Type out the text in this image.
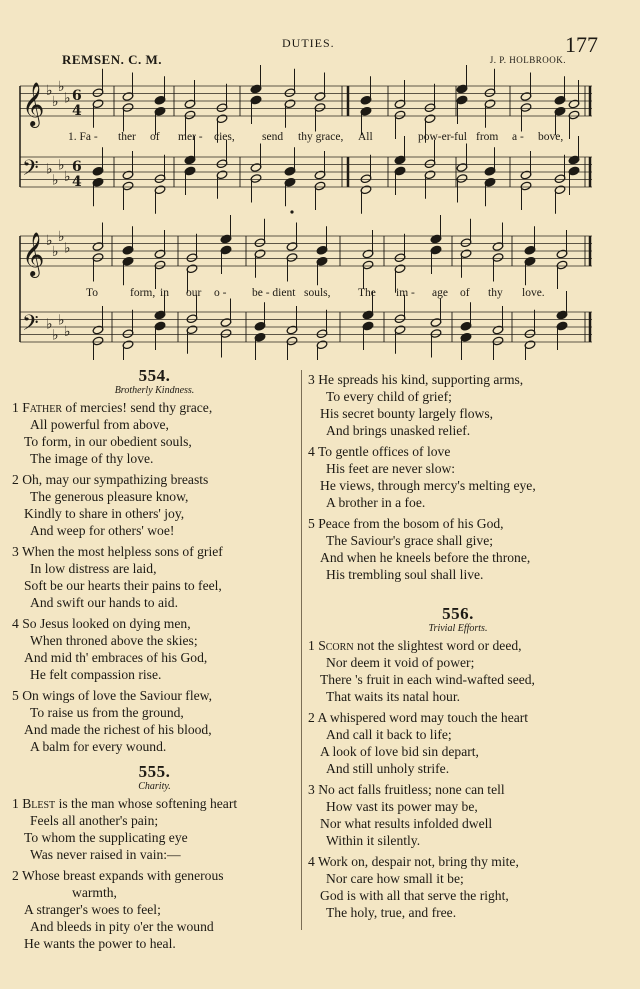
DUTIES.	177
REMSEN. C. M.	J. P. HOLBROOK.
𝄞 ♭
♭
♭
♭ 6
4
𝄢 ♭
♭
♭
♭
6
4
𝄞 ♭
♭
♭
♭
𝄢 ♭
♭
♭
♭
1. Fa - ther of mer - cies, send thy grace, All	pow-er-ful from a - bove,
To	form, in our o - be - dient souls, The im - age of thy love.
554.
Brotherly Kindness.
1 Father of mercies! send thy grace,
All powerful from above,
To form, in our obedient souls,
The image of thy love.
2 Oh, may our sympathizing breasts
The generous pleasure know,
Kindly to share in others' joy,
And weep for others' woe!
3 When the most helpless sons of grief
In low distress are laid,
Soft be our hearts their pains to feel,
And swift our hands to aid.
4 So Jesus looked on dying men,
When throned above the skies;
And mid th' embraces of his God,
He felt compassion rise.
5 On wings of love the Saviour flew,
To raise us from the ground,
And made the richest of his blood,
A balm for every wound.
555.
Charity.
1 Blest is the man whose softening heart
Feels all another's pain;
To whom the supplicating eye
Was never raised in vain:—
2 Whose breast expands with generous
warmth,
A stranger's woes to feel;
And bleeds in pity o'er the wound
He wants the power to heal.
3 He spreads his kind, supporting arms,
To every child of grief;
His secret bounty largely flows,
And brings unasked relief.
4 To gentle offices of love
His feet are never slow:
He views, through mercy's melting eye,
A brother in a foe.
5 Peace from the bosom of his God,
The Saviour's grace shall give;
And when he kneels before the throne,
His trembling soul shall live.
556.
Trivial Efforts.
1 Scorn not the slightest word or deed,
Nor deem it void of power;
There 's fruit in each wind-wafted seed,
That waits its natal hour.
2 A whispered word may touch the heart
And call it back to life;
A look of love bid sin depart,
And still unholy strife.
3 No act falls fruitless; none can tell
How vast its power may be,
Nor what results infolded dwell
Within it silently.
4 Work on, despair not, bring thy mite,
Nor care how small it be;
God is with all that serve the right,
The holy, true, and free.
